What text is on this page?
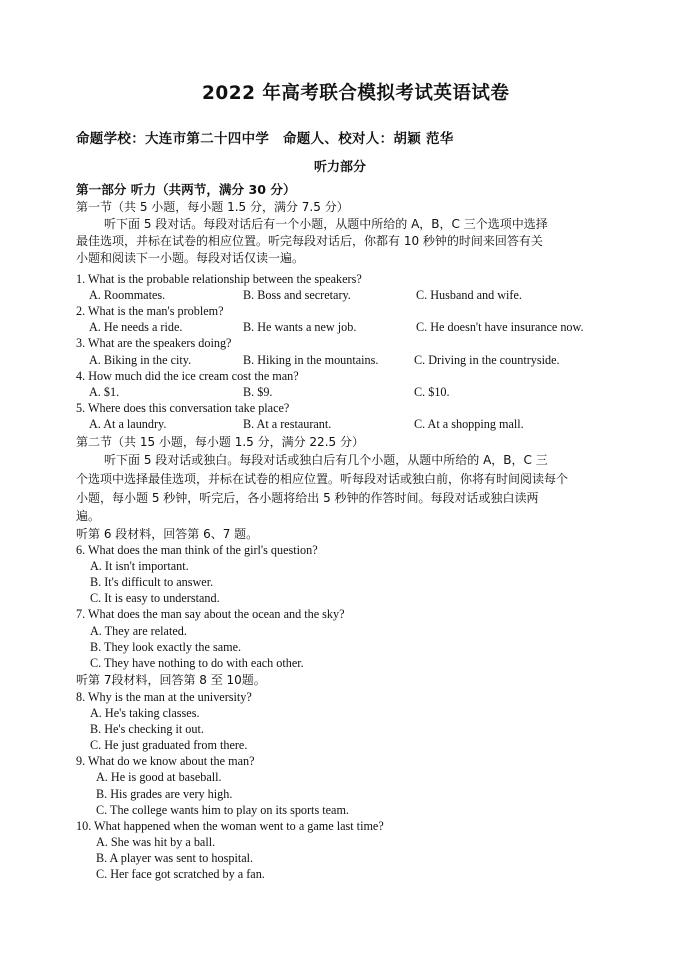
2022 年高考联合模拟考试英语试卷
命题学校：大连市第二十四中学　命题人、校对人：胡颖 范华
听力部分
第一部分 听力（共两节，满分 30 分）
第一节（共 5 小题，每小题 1.5 分，满分 7.5 分）
听下面 5 段对话。每段对话后有一个小题，从题中所给的 A，B，C 三个选项中选择
最佳选项，并标在试卷的相应位置。听完每段对话后，你都有 10 秒钟的时间来回答有关
小题和阅读下一小题。每段对话仅读一遍。
1. What is the probable relationship between the speakers?
A. Roommates.	B. Boss and secretary.	C. Husband and wife.
2. What is the man's problem?
A. He needs a ride.	B. He wants a new job.	C. He doesn't have insurance now.
3. What are the speakers doing?
A. Biking in the city.	B. Hiking in the mountains.	C. Driving in the countryside.
4. How much did the ice cream cost the man?
A. $1.	B. $9.	C. $10.
5. Where does this conversation take place?
A. At a laundry.	B. At a restaurant.	C. At a shopping mall.
第二节（共 15 小题，每小题 1.5 分，满分 22.5 分）
听下面 5 段对话或独白。每段对话或独白后有几个小题，从题中所给的 A，B，C 三
个选项中选择最佳选项，并标在试卷的相应位置。听每段对话或独白前，你将有时间阅读每个
小题，每小题 5 秒钟，听完后，各小题将给出 5 秒钟的作答时间。每段对话或独白读两
遍。
听第 6 段材料，回答第 6、7 题。
6. What does the man think of the girl's question?
A. It isn't important.
B. It's difficult to answer.
C. It is easy to understand.
7. What does the man say about the ocean and the sky?
A. They are related.
B. They look exactly the same.
C. They have nothing to do with each other.
听第 7段材料，回答第 8 至 10题。
8. Why is the man at the university?
A. He's taking classes.
B. He's checking it out.
C. He just graduated from there.
9. What do we know about the man?
A. He is good at baseball.
B. His grades are very high.
C. The college wants him to play on its sports team.
10. What happened when the woman went to a game last time?
A. She was hit by a ball.
B. A player was sent to hospital.
C. Her face got scratched by a fan.
